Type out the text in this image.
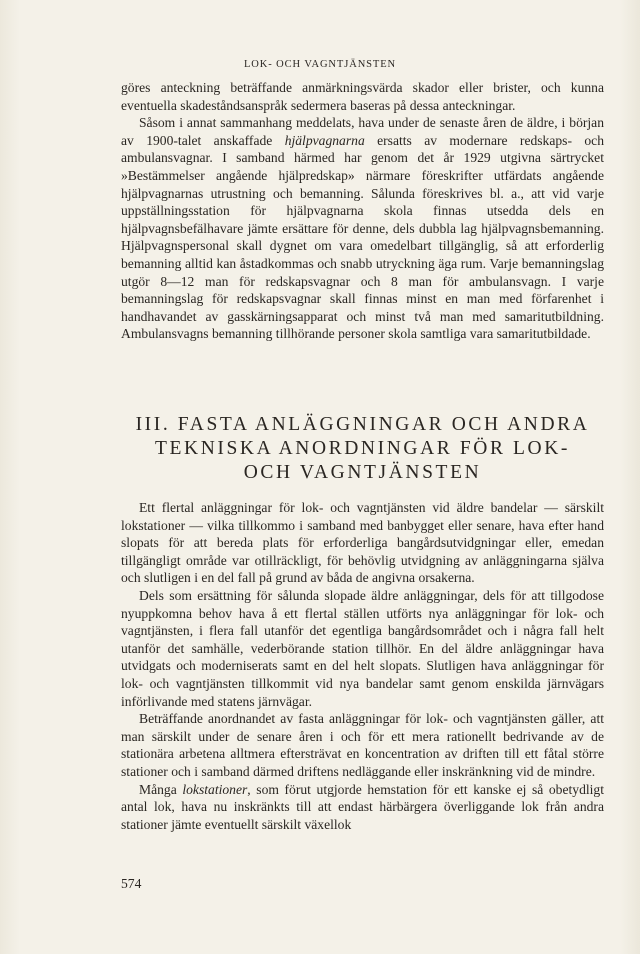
LOK- OCH VAGNTJÄNSTEN

göres anteckning beträffande anmärkningsvärda skador eller brister, och kunna eventuella skadeståndsanspråk sedermera baseras på dessa anteckningar.

Såsom i annat sammanhang meddelats, hava under de senaste åren de äldre, i början av 1900-talet anskaffade hjälpvagnarna ersatts av modernare redskaps- och ambulansvagnar. I samband härmed har genom det år 1929 utgivna särtrycket »Bestämmelser angående hjälpredskap» närmare föreskrifter utfärdats angående hjälpvagnarnas utrustning och bemanning. Sålunda föreskrives bl. a., att vid varje uppställningsstation för hjälpvagnarna skola finnas utsedda dels en hjälpvagnsbefälhavare jämte ersättare för denne, dels dubbla lag hjälpvagnsbemanning. Hjälpvagnspersonal skall dygnet om vara omedelbart tillgänglig, så att erforderlig bemanning alltid kan åstadkommas och snabb utryckning äga rum. Varje bemanningslag utgör 8—12 man för redskapsvagnar och 8 man för ambulansvagn. I varje bemanningslag för redskapsvagnar skall finnas minst en man med förfarenhet i handhavandet av gasskärningsapparat och minst två man med samaritutbildning. Ambulansvagns bemanning tillhörande personer skola samtliga vara samaritutbildade.

III. FASTA ANLÄGGNINGAR OCH ANDRA
TEKNISKA ANORDNINGAR FÖR LOK-
OCH VAGNTJÄNSTEN

Ett flertal anläggningar för lok- och vagntjänsten vid äldre bandelar — särskilt lokstationer — vilka tillkommo i samband med banbygget eller senare, hava efter hand slopats för att bereda plats för erforderliga bangårdsutvidgningar eller, emedan tillgängligt område var otillräckligt, för behövlig utvidgning av anläggningarna själva och slutligen i en del fall på grund av båda de angivna orsakerna.

Dels som ersättning för sålunda slopade äldre anläggningar, dels för att tillgodose nyuppkomna behov hava å ett flertal ställen utförts nya anläggningar för lok- och vagntjänsten, i flera fall utanför det egentliga bangårdsområdet och i några fall helt utanför det samhälle, vederbörande station tillhör. En del äldre anläggningar hava utvidgats och moderniserats samt en del helt slopats. Slutligen hava anläggningar för lok- och vagntjänsten tillkommit vid nya bandelar samt genom enskilda järnvägars införlivande med statens järnvägar.

Beträffande anordnandet av fasta anläggningar för lok- och vagntjänsten gäller, att man särskilt under de senare åren i och för ett mera rationellt bedrivande av de stationära arbetena alltmera eftersträvat en koncentration av driften till ett fåtal större stationer och i samband därmed driftens nedläggande eller inskränkning vid de mindre.

Många lokstationer, som förut utgjorde hemstation för ett kanske ej så obetydligt antal lok, hava nu inskränkts till att endast härbärgera överliggande lok från andra stationer jämte eventuellt särskilt växellok

574
